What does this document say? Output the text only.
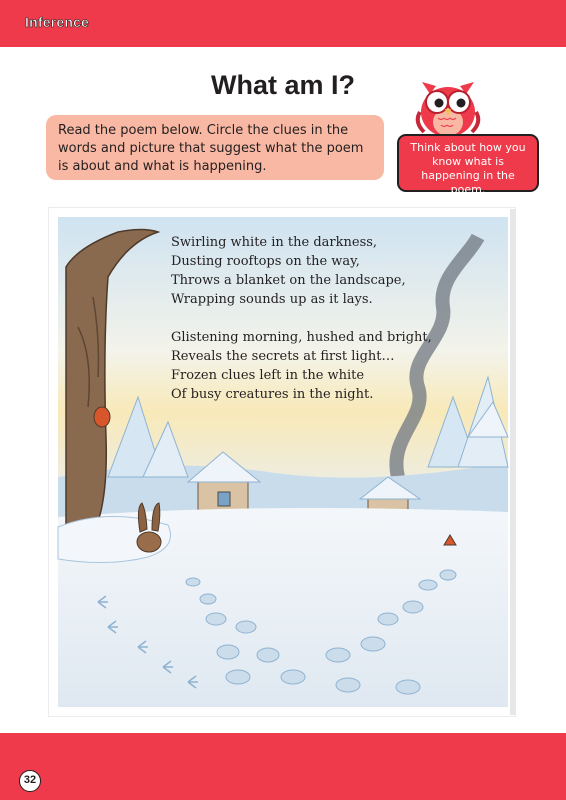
Inference
What am I?
Read the poem below. Circle the clues in the words and picture that suggest what the poem is about and what is happening.
Think about how you know what is happening in the poem.
Swirling white in the darkness,
Dusting rooftops on the way,
Throws a blanket on the landscape,
Wrapping sounds up as it lays.
Glistening morning, hushed and bright,
Reveals the secrets at first light…
Frozen clues left in the white
Of busy creatures in the night.
32
